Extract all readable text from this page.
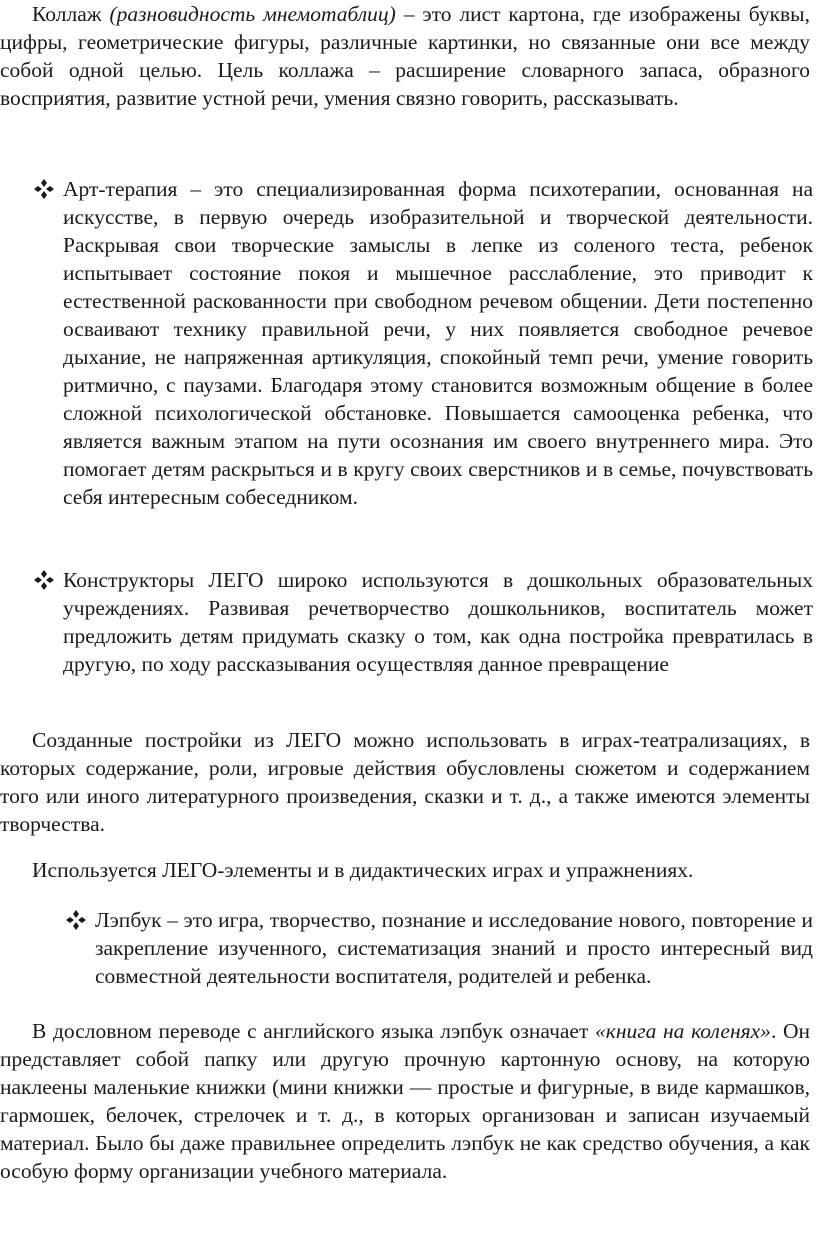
Коллаж (разновидность мнемотаблиц) – это лист картона, где изображены буквы, цифры, геометрические фигуры, различные картинки, но связанные они все между собой одной целью. Цель коллажа – расширение словарного запаса, образного восприятия, развитие устной речи, умения связно говорить, рассказывать.

Арт-терапия – это специализированная форма психотерапии, основанная на искусстве, в первую очередь изобразительной и творческой деятельности. Раскрывая свои творческие замыслы в лепке из соленого теста, ребенок испытывает состояние покоя и мышечное расслабление, это приводит к естественной раскованности при свободном речевом общении. Дети постепенно осваивают технику правильной речи, у них появляется свободное речевое дыхание, не напряженная артикуляция, спокойный темп речи, умение говорить ритмично, с паузами. Благодаря этому становится возможным общение в более сложной психологической обстановке. Повышается самооценка ребенка, что является важным этапом на пути осознания им своего внутреннего мира. Это помогает детям раскрыться и в кругу своих сверстников и в семье, почувствовать себя интересным собеседником.
Конструкторы ЛЕГО широко используются в дошкольных образовательных учреждениях. Развивая речетворчество дошкольников, воспитатель может предложить детям придумать сказку о том, как одна постройка превратилась в другую, по ходу рассказывания осуществляя данное превращение

Созданные постройки из ЛЕГО можно использовать в играх-театрализациях, в которых содержание, роли, игровые действия обусловлены сюжетом и содержанием того или иного литературного произведения, сказки и т. д., а также имеются элементы творчества.

Используется ЛЕГО-элементы и в дидактических играх и упражнениях.

Лэпбук – это игра, творчество, познание и исследование нового, повторение и закрепление изученного, систематизация знаний и просто интересный вид совместной деятельности воспитателя, родителей и ребенка.

В дословном переводе с английского языка лэпбук означает «книга на коленях». Он представляет собой папку или другую прочную картонную основу, на которую наклеены маленькие книжки (мини книжки — простые и фигурные, в виде кармашков, гармошек, белочек, стрелочек и т. д., в которых организован и записан изучаемый материал. Было бы даже правильнее определить лэпбук не как средство обучения, а как особую форму организации учебного материала.
